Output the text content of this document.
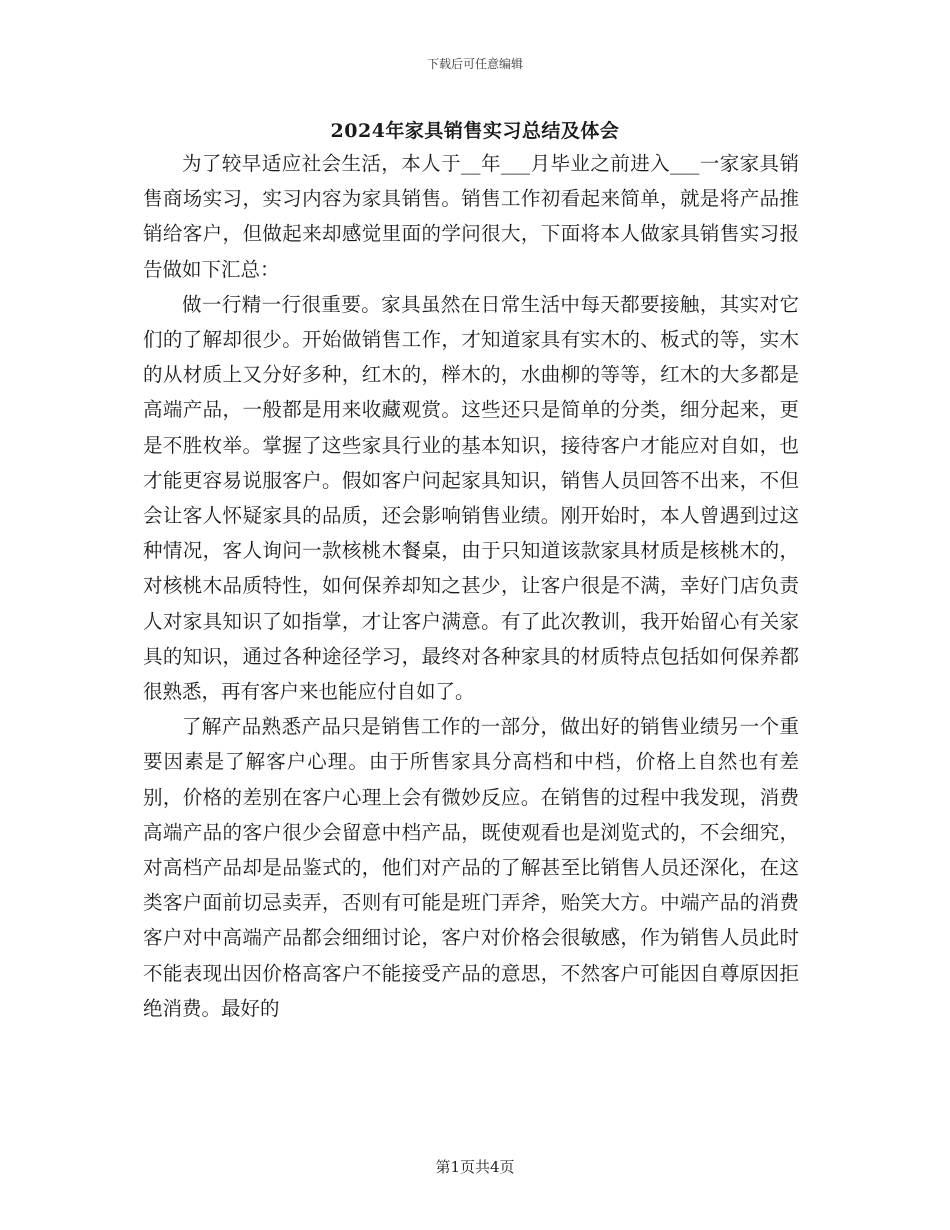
下载后可任意编辑
2024年家具销售实习总结及体会

为了较早适应社会生活，本人于__年___月毕业之前进入___一家家具销售商场实习，实习内容为家具销售。销售工作初看起来简单，就是将产品推销给客户，但做起来却感觉里面的学问很大，下面将本人做家具销售实习报告做如下汇总：

做一行精一行很重要。家具虽然在日常生活中每天都要接触，其实对它们的了解却很少。开始做销售工作，才知道家具有实木的、板式的等，实木的从材质上又分好多种，红木的，榉木的，水曲柳的等等，红木的大多都是高端产品，一般都是用来收藏观赏。这些还只是简单的分类，细分起来，更是不胜枚举。掌握了这些家具行业的基本知识，接待客户才能应对自如，也才能更容易说服客户。假如客户问起家具知识，销售人员回答不出来，不但会让客人怀疑家具的品质，还会影响销售业绩。刚开始时，本人曾遇到过这种情况，客人询问一款核桃木餐桌，由于只知道该款家具材质是核桃木的，对核桃木品质特性，如何保养却知之甚少，让客户很是不满，幸好门店负责人对家具知识了如指掌，才让客户满意。有了此次教训，我开始留心有关家具的知识，通过各种途径学习，最终对各种家具的材质特点包括如何保养都很熟悉，再有客户来也能应付自如了。

了解产品熟悉产品只是销售工作的一部分，做出好的销售业绩另一个重要因素是了解客户心理。由于所售家具分高档和中档，价格上自然也有差别，价格的差别在客户心理上会有微妙反应。在销售的过程中我发现，消费高端产品的客户很少会留意中档产品，既使观看也是浏览式的，不会细究，对高档产品却是品鉴式的，他们对产品的了解甚至比销售人员还深化，在这类客户面前切忌卖弄，否则有可能是班门弄斧，贻笑大方。中端产品的消费客户对中高端产品都会细细讨论，客户对价格会很敏感，作为销售人员此时不能表现出因价格高客户不能接受产品的意思，不然客户可能因自尊原因拒绝消费。最好的

第1页共4页
